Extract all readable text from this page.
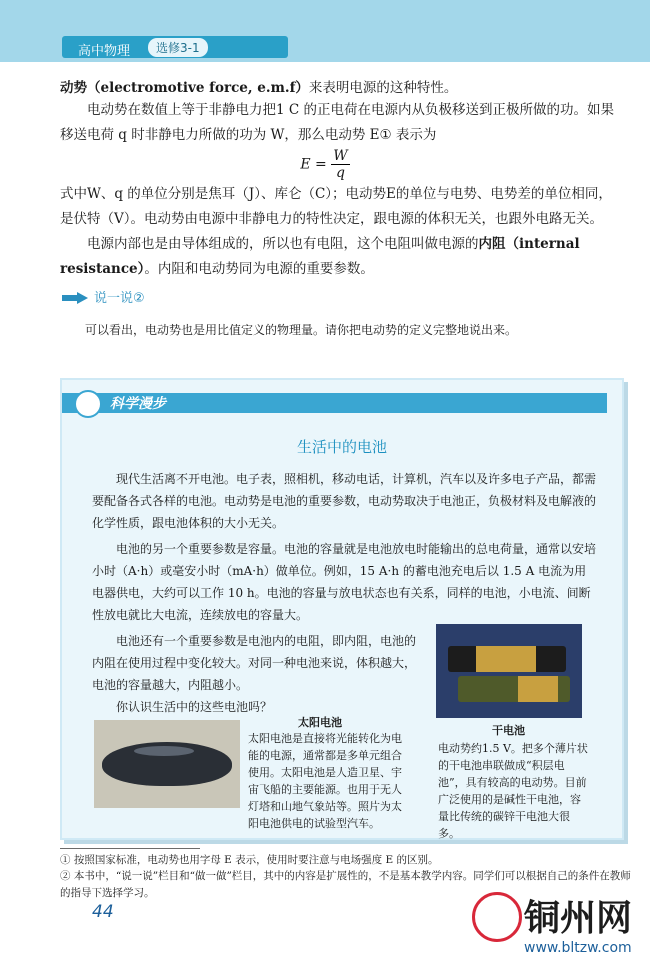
高中物理	选修3-1
动势（electromotive force, e.m.f）来表明电源的这种特性。
电动势在数值上等于非静电力把1 C 的正电荷在电源内从负极移送到正极所做的功。如果移送电荷 q 时非静电力所做的功为 W，那么电动势 E① 表示为
$E = \frac{W}{q}$
式中W、q 的单位分别是焦耳（J）、库仑（C）；电动势E的单位与电势、电势差的单位相同，是伏特（V）。电动势由电源中非静电力的特性决定，跟电源的体积无关，也跟外电路无关。
电源内部也是由导体组成的，所以也有电阻，这个电阻叫做电源的内阻（internal resistance）。内阻和电动势同为电源的重要参数。
说一说②
可以看出，电动势也是用比值定义的物理量。请你把电动势的定义完整地说出来。
科学漫步
生活中的电池
现代生活离不开电池。电子表，照相机，移动电话，计算机，汽车以及许多电子产品，都需要配备各式各样的电池。电动势是电池的重要参数，电动势取决于电池正，负极材料及电解液的化学性质，跟电池体积的大小无关。
电池的另一个重要参数是容量。电池的容量就是电池放电时能输出的总电荷量，通常以安培小时（A·h）或毫安小时（mA·h）做单位。例如，15 A·h 的蓄电池充电后以 1.5 A 电流为用电器供电，大约可以工作 10 h。电池的容量与放电状态也有关系，同样的电池，小电流、间断性放电就比大电流，连续放电的容量大。
电池还有一个重要参数是电池内的电阻，即内阻，电池的内阻在使用过程中变化较大。对同一种电池来说，体积越大，电池的容量越大，内阻越小。
你认识生活中的这些电池吗？
干电池
电动势约1.5 V。把多个薄片状的干电池串联做成“积层电池”，具有较高的电动势。目前广泛使用的是碱性干电池，容量比传统的碳锌干电池大很多。
太阳电池
太阳电池是直接将光能转化为电能的电源，通常都是多单元组合使用。太阳电池是人造卫星、宇宙飞船的主要能源。也用于无人灯塔和山地气象站等。照片为太阳电池供电的试验型汽车。
① 按照国家标准，电动势也用字母 E 表示，使用时要注意与电场强度 E 的区别。
② 本书中，“说一说”栏目和“做一做”栏目，其中的内容是扩展性的，不是基本教学内容。同学们可以根据自己的条件在教师的指导下选择学习。
44	铜州网
www.bltzw.com
